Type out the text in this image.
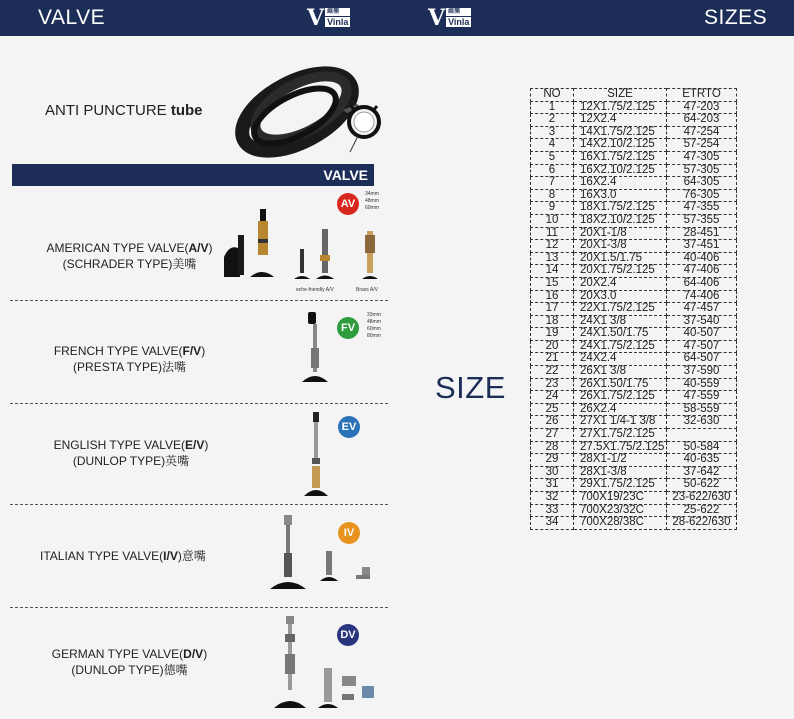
VALVE	V 維樂
Vinla	V 維樂
Vinla	SIZES
ANTI PUNCTURE tube
VALVE
AMERICAN TYPE VALVE(A/V)
(SCHRADER TYPE)美嘴
AV
34mm
48mm
60mm
eche-friendly A/V	Brass A/V
FRENCH TYPE VALVE(F/V)
(PRESTA TYPE)法嘴
FV
33mm
48mm
60mm
80mm
ENGLISH TYPE VALVE(E/V)
(DUNLOP TYPE)英嘴
EV
ITALIAN TYPE VALVE(I/V)意嘴
IV
GERMAN TYPE VALVE(D/V)
(DUNLOP TYPE)德嘴
DV
SIZE
NO	SIZE	ETRTO
1	12X1.75/2.125	47-203
2	12X2.4	64-203
3	14X1.75/2.125	47-254
4	14X2.10/2.125	57-254
5	16X1.75/2.125	47-305
6	16X2.10/2.125	57-305
7	16X2.4	64-305
8	16X3.0	76-305
9	18X1.75/2.125	47-355
10	18X2.10/2.125	57-355
11	20X1-1/8	28-451
12	20X1-3/8	37-451
13	20X1.5/1.75	40-406
14	20X1.75/2.125	47-406
15	20X2.4	64-406
16	20X3.0	74-406
17	22X1.75/2.125	47-457
18	24X1 3/8	37-540
19	24X1.50/1.75	40-507
20	24X1.75/2.125	47-507
21	24X2.4	64-507
22	26X1 3/8	37-590
23	26X1.50/1.75	40-559
24	26X1.75/2.125	47-559
25	26X2.4	58-559
26	27X1 1/4-1 3/8	32-630
27	27X1.75/2.125	
28	27.5X1.75/2.125	50-584
29	28X1-1/2	40-635
30	28X1-3/8	37-642
31	29X1.75/2.125	50-622
32	700X19/23C	23-622/630
33	700X23/32C	25-622
34	700X28/38C	28-622/630
